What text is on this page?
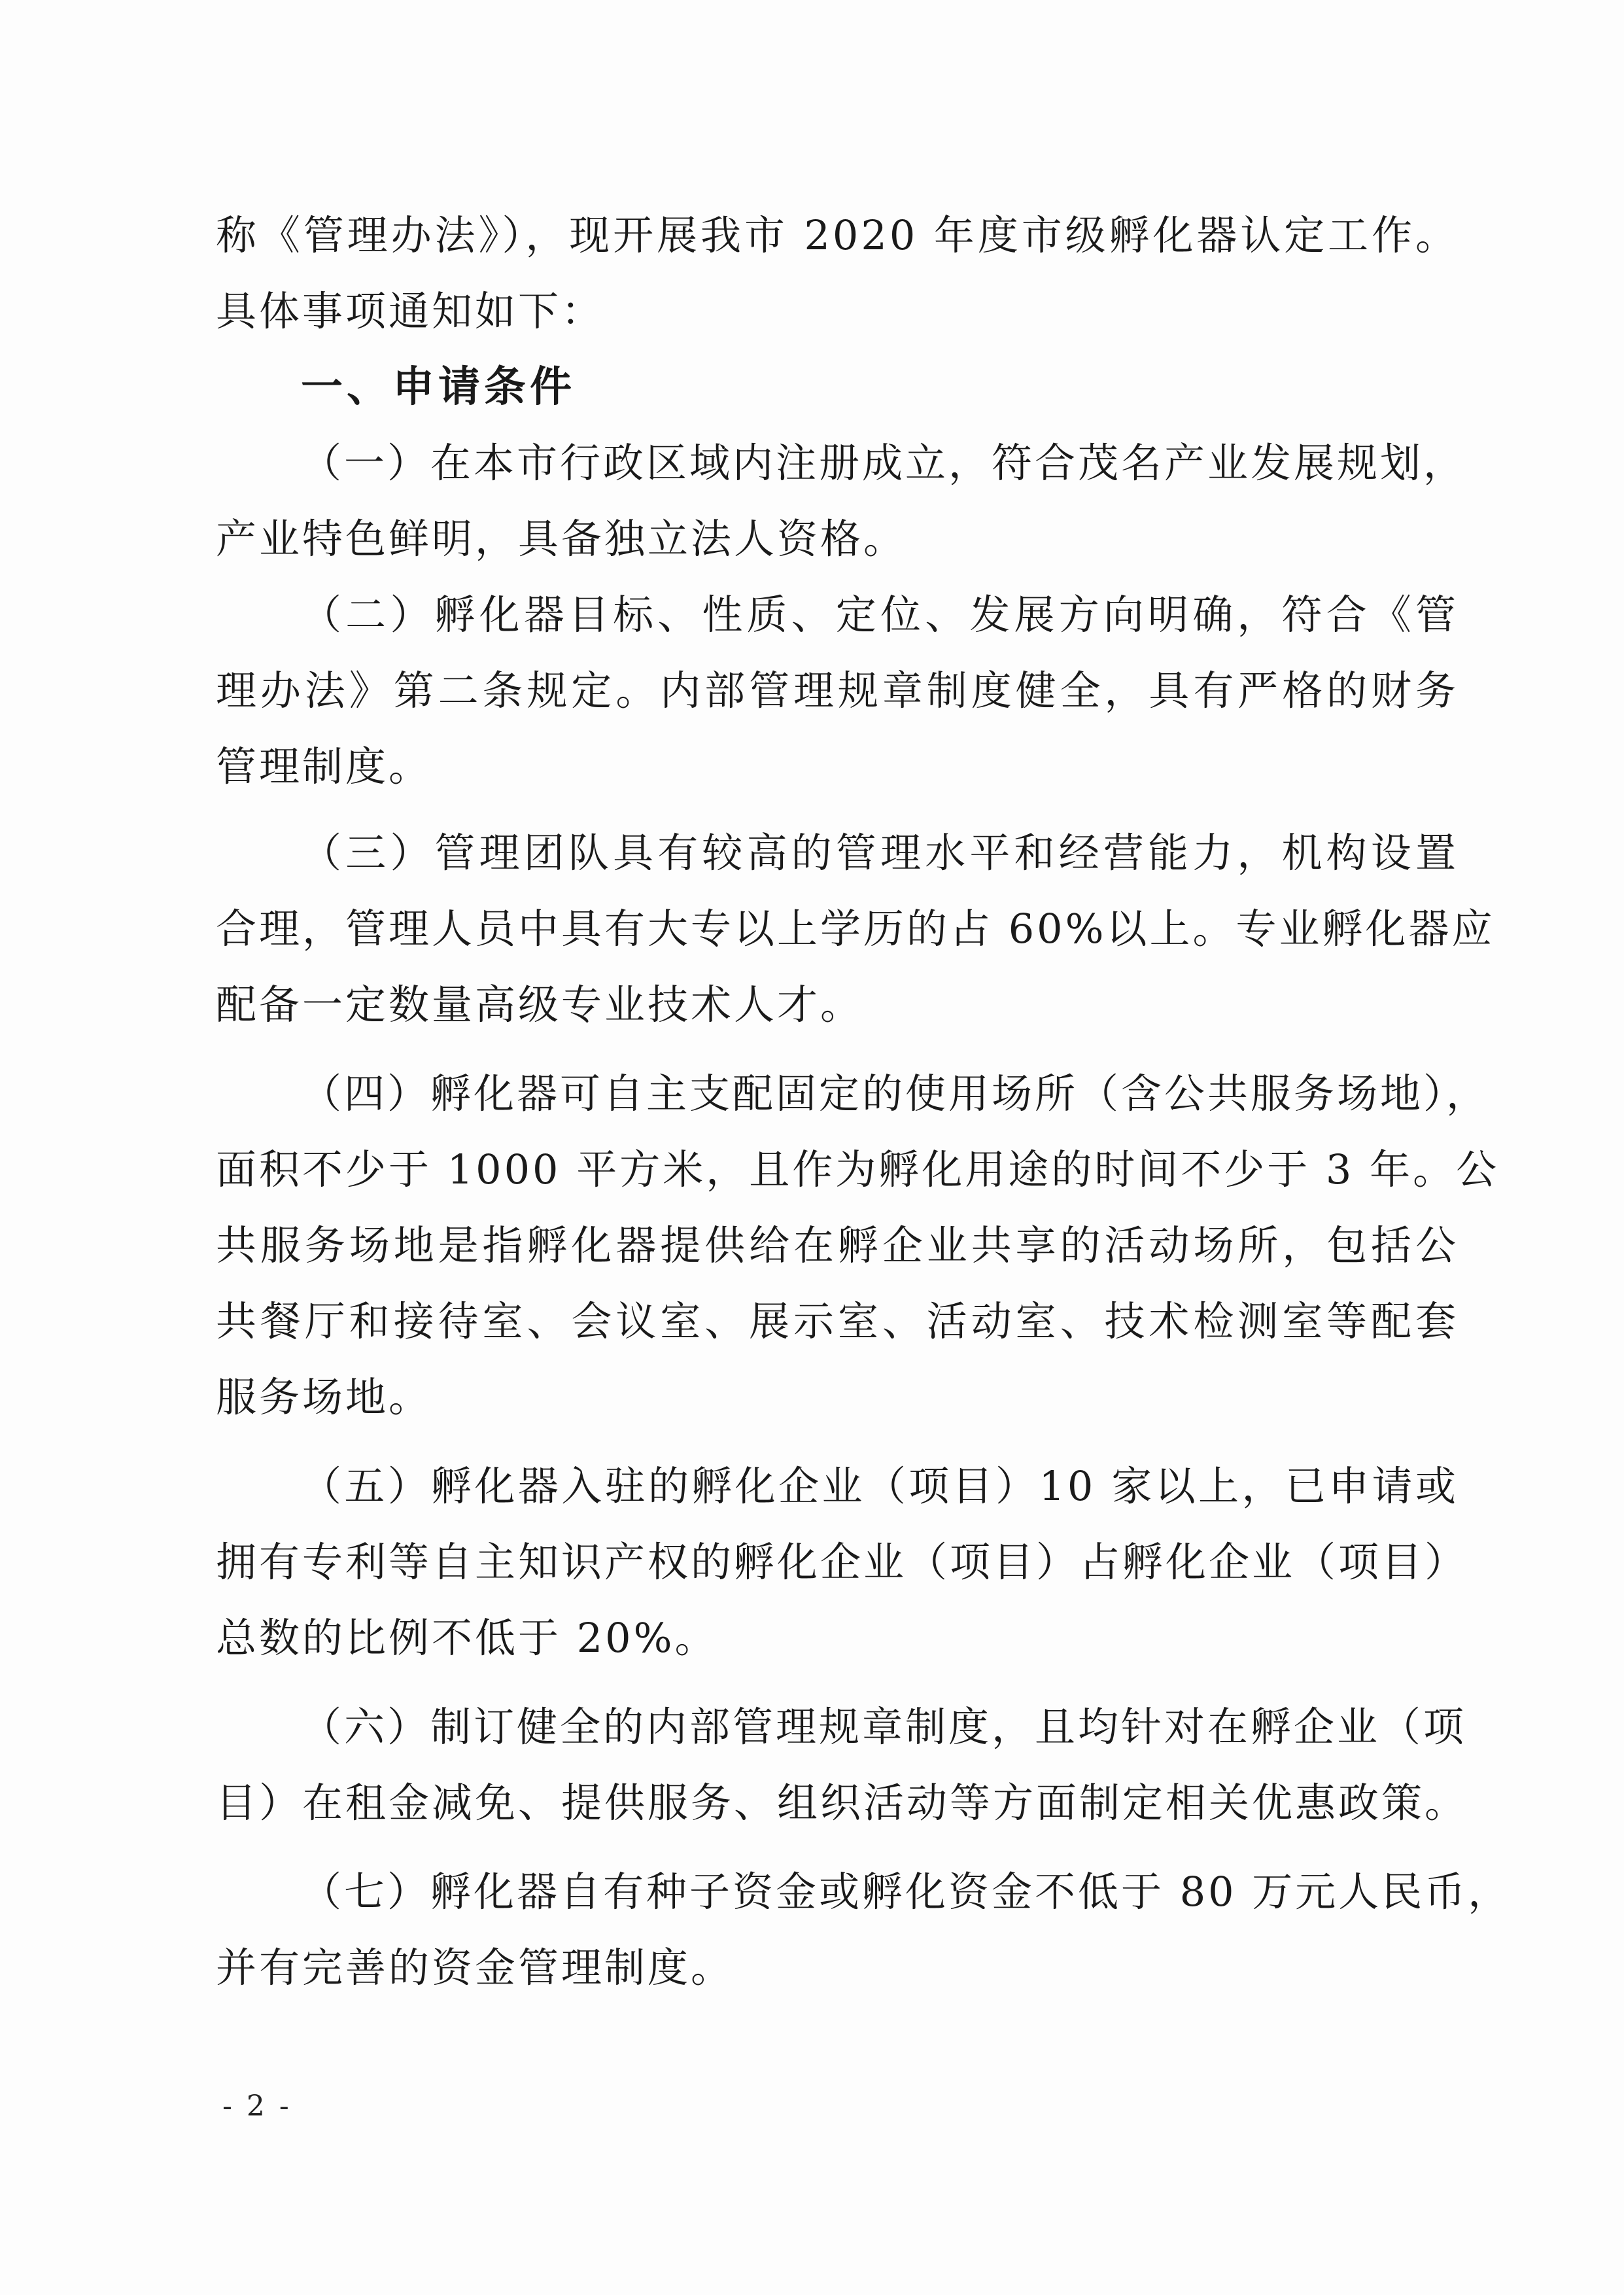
称《管理办法》），现开展我市 2020 年度市级孵化器认定工作。
具体事项通知如下：
一、申请条件
（一）在本市行政区域内注册成立，符合茂名产业发展规划，
产业特色鲜明，具备独立法人资格。
（二）孵化器目标、性质、定位、发展方向明确，符合《管
理办法》第二条规定。内部管理规章制度健全，具有严格的财务
管理制度。
（三）管理团队具有较高的管理水平和经营能力，机构设置
合理，管理人员中具有大专以上学历的占 60%以上。专业孵化器应
配备一定数量高级专业技术人才。
（四）孵化器可自主支配固定的使用场所（含公共服务场地），
面积不少于 1000 平方米，且作为孵化用途的时间不少于 3 年。公
共服务场地是指孵化器提供给在孵企业共享的活动场所，包括公
共餐厅和接待室、会议室、展示室、活动室、技术检测室等配套
服务场地。
（五）孵化器入驻的孵化企业（项目）10 家以上，已申请或
拥有专利等自主知识产权的孵化企业（项目）占孵化企业（项目）
总数的比例不低于 20%。
（六）制订健全的内部管理规章制度，且均针对在孵企业（项
目）在租金减免、提供服务、组织活动等方面制定相关优惠政策。
（七）孵化器自有种子资金或孵化资金不低于 80 万元人民币，
并有完善的资金管理制度。
- 2 -
